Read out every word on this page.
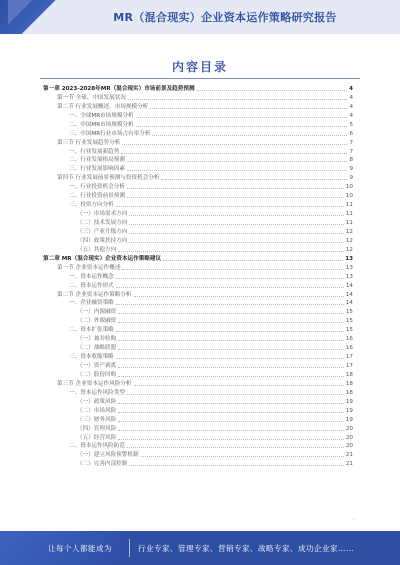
MR（混合现实）企业资本运作策略研究报告
内容目录
第一章 2023-2028年MR（混合现实）市场前景及趋势预测	4
第一节 全球、中国发展状况	4
第二节 行业发展概述、市场规模分析	4
一、全球MR市场规模分析	4
二、中国MR市场规模分析	5
三、中国MR行业市场占有率分析	6
第三节 行业发展趋势分析	7
一、行业发展新趋势	7
二、行业发展格局预测	8
三、行业发展影响因素	9
第四节 行业发展前景预测与投资机会分析	9
一、行业投资机会分析	10
二、行业投资前景预测	10
三、投资方向分析	11
（一）市场需求方向	11
（二）技术发展方向	11
（三）产业升级方向	12
（四）政策扶持方向	12
（五）其他方向	12
第二章 MR（混合现实）企业资本运作策略建议	13
第一节 企业资本运作概述	13
一、资本运作概念	13
二、资本运作形式	14
第二节 企业资本运作策略分析	14
一、企业融资策略	14
（一）内源融资	15
（二）外源融资	15
二、资本扩张策略	15
（一）兼并收购	16
（二）战略联盟	16
三、资本收缩策略	17
（一）资产剥离	17
（二）股份回购	18
第三节 企业资本运作风险分析	18
一、资本运作风险类型	18
（一）政策风险	19
（二）市场风险	19
（三）财务风险	19
（四）管理风险	20
（五）经营风险	20
二、资本运作风险防范	20
（一）建立风险预警机制	21
（二）完善内部控制	21
·
让每个人都能成为	行业专家、管理专家、营销专家、战略专家、成功企业家……
